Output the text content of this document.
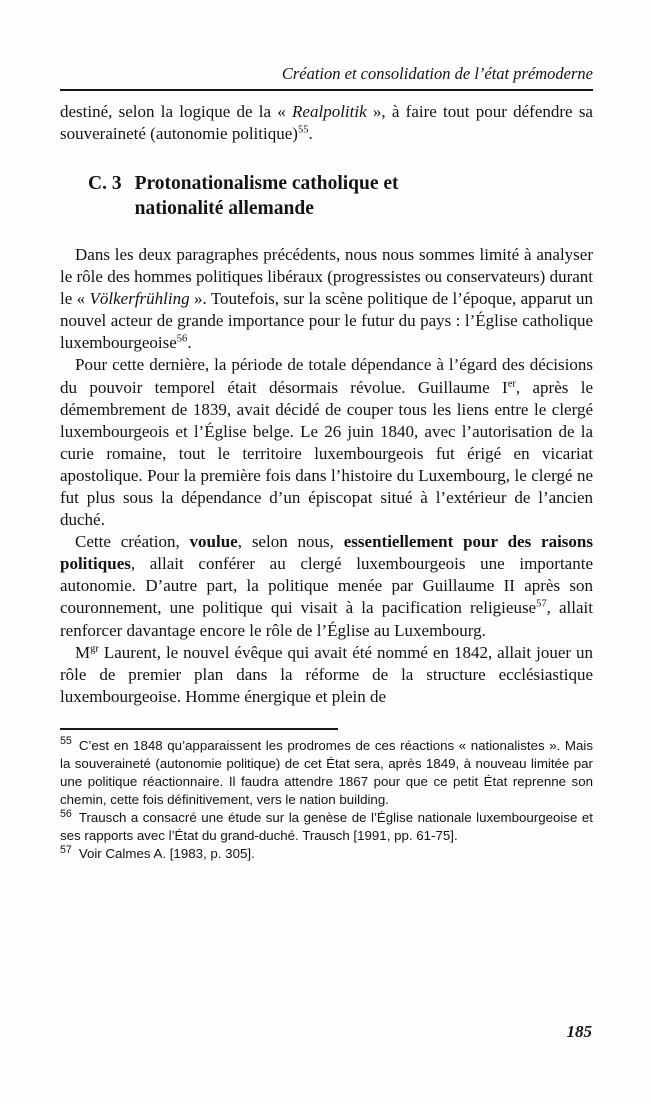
Création et consolidation de l’état prémoderne

destiné, selon la logique de la « Realpolitik », à faire tout pour défendre sa souveraineté (autonomie politique)$^{55}$.

C. 3 Protonationalisme catholique et
nationalité allemande

Dans les deux paragraphes précédents, nous nous sommes limité à analyser le rôle des hommes politiques libéraux (progressistes ou conservateurs) durant le « Völkerfrühling ». Toutefois, sur la scène politique de l’époque, apparut un nouvel acteur de grande importance pour le futur du pays : l’Église catholique luxembourgeoise$^{56}$.

Pour cette dernière, la période de totale dépendance à l’égard des décisions du pouvoir temporel était désormais révolue. Guillaume Ier, après le démembrement de 1839, avait décidé de couper tous les liens entre le clergé luxembourgeois et l’Église belge. Le 26 juin 1840, avec l’autorisation de la curie romaine, tout le territoire luxembourgeois fut érigé en vicariat apostolique. Pour la première fois dans l’histoire du Luxembourg, le clergé ne fut plus sous la dépendance d’un épiscopat situé à l’extérieur de l’ancien duché.

Cette création, voulue, selon nous, essentiellement pour des raisons politiques, allait conférer au clergé luxembourgeois une importante autonomie. D’autre part, la politique menée par Guillaume II après son couronnement, une politique qui visait à la pacification religieuse$^{57}$, allait renforcer davantage encore le rôle de l’Église au Luxembourg.

M$^{gr}$ Laurent, le nouvel évêque qui avait été nommé en 1842, allait jouer un rôle de premier plan dans la réforme de la structure ecclésiastique luxembourgeoise. Homme énergique et plein de

$^{55}$ C’est en 1848 qu’apparaissent les prodromes de ces réactions « nationalistes ». Mais la souveraineté (autonomie politique) de cet État sera, après 1849, à nouveau limitée par une politique réactionnaire. Il faudra attendre 1867 pour que ce petit État reprenne son chemin, cette fois définitivement, vers le nation building.

$^{56}$ Trausch a consacré une étude sur la genèse de l’Église nationale luxembourgeoise et ses rapports avec l’État du grand-duché. Trausch [1991, pp. 61-75].

$^{57}$ Voir Calmes A. [1983, p. 305].

185
